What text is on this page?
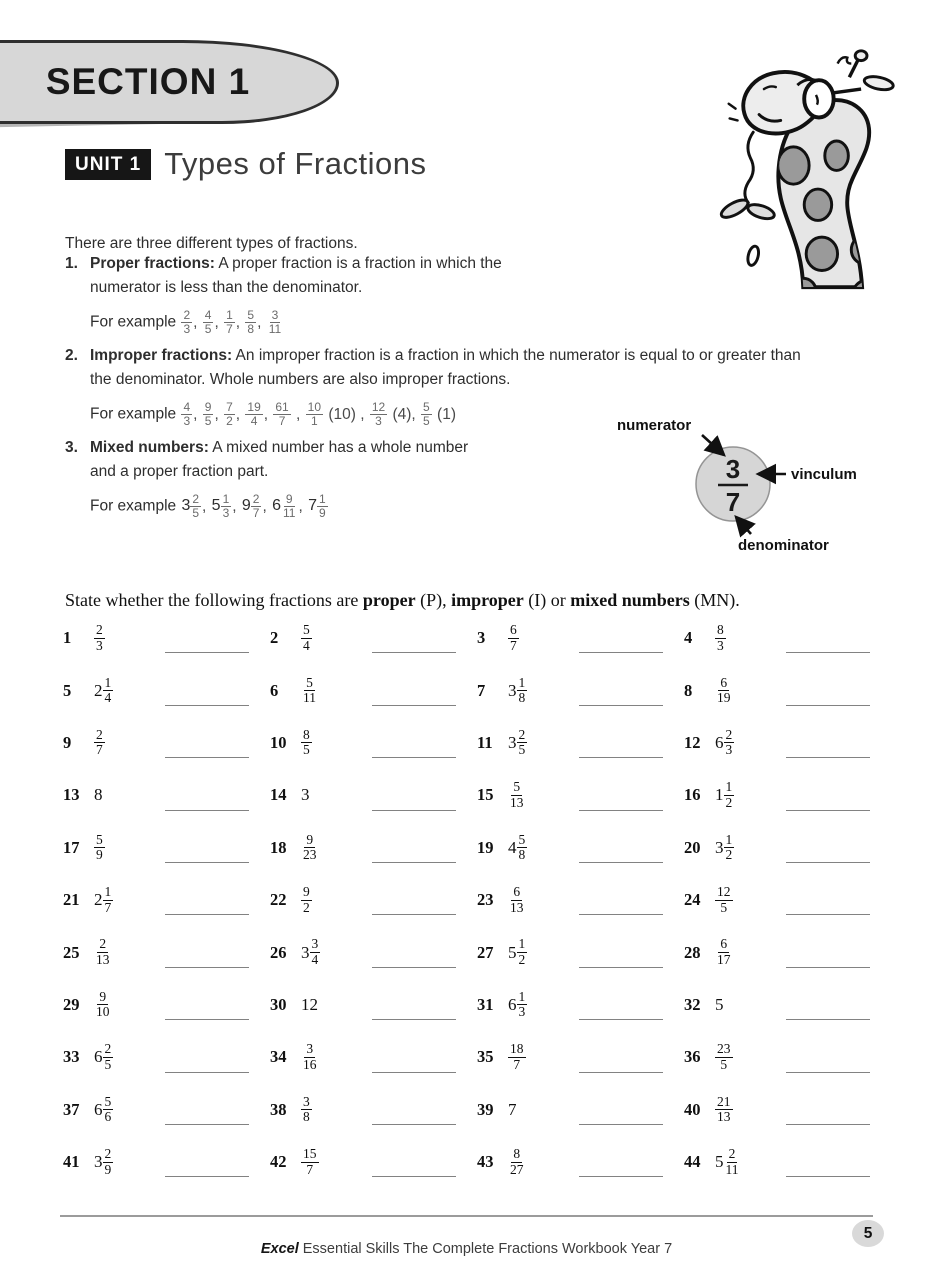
SECTION 1
UNIT 1 Types of Fractions

There are three different types of fractions.

1. Proper fractions: A proper fraction is a fraction in which the numerator is less than the denominator.
For example $\frac{2}{3}$ , $\frac{4}{5}$ , $\frac{1}{7}$ , $\frac{5}{8}$ , $\frac{3}{11}$
2. Improper fractions: An improper fraction is a fraction in which the numerator is equal to or greater than the denominator. Whole numbers are also improper fractions.
For example $\frac{4}{3}$ , $\frac{9}{5}$ , $\frac{7}{2}$ , $\frac{19}{4}$ , $\frac{61}{7}$ , $\frac{10}{1} (10)$ , $\frac{12}{3} (4)$, $\frac{5}{5} (1)$
3. Mixed numbers: A mixed number has a whole number and a proper fraction part.
For example $3 \frac{2}{5}$ , $5 \frac{1}{3}$ , $9 \frac{2}{7}$ , $6 \frac{9}{11}$ , $7 \frac{1}{9}$
3
7
numerator
vinculum
denominator

State whether the following fractions are proper (P), improper (I) or mixed numbers (MN).

1	$\frac{2}{3}$	2	$\frac{5}{4}$	3	$\frac{6}{7}$	4	$\frac{8}{3}$
5	$2 \frac{1}{4}$	6	$\frac{5}{11}$	7	$3 \frac{1}{8}$	8	$\frac{6}{19}$
9	$\frac{2}{7}$	10	$\frac{8}{5}$	11 $3 \frac{2}{5}$	12 $6 \frac{2}{3}$
13 8	14 3	15	$\frac{5}{13}$	16 $1 \frac{1}{2}$
17	$\frac{5}{9}$	18	$\frac{9}{23}$	19 $4 \frac{5}{8}$	20 $3 \frac{1}{2}$
21 $2 \frac{1}{7}$	22	$\frac{9}{2}$	23	$\frac{6}{13}$	24	$\frac{12}{5}$
25	$\frac{2}{13}$	26 $3 \frac{3}{4}$	27 $5 \frac{1}{2}$	28	$\frac{6}{17}$
29	$\frac{9}{10}$	30 12	31 $6 \frac{1}{3}$	32 5
33 $6 \frac{2}{5}$	34	$\frac{3}{16}$	35	$\frac{18}{7}$	36	$\frac{23}{5}$
37 $6 \frac{5}{6}$	38	$\frac{3}{8}$	39 7	40	$\frac{21}{13}$
41 $3 \frac{2}{9}$	42	$\frac{15}{7}$	43	$\frac{8}{27}$	44 $5 \frac{2}{11}$

Excel Essential Skills The Complete Fractions Workbook Year 7

5
